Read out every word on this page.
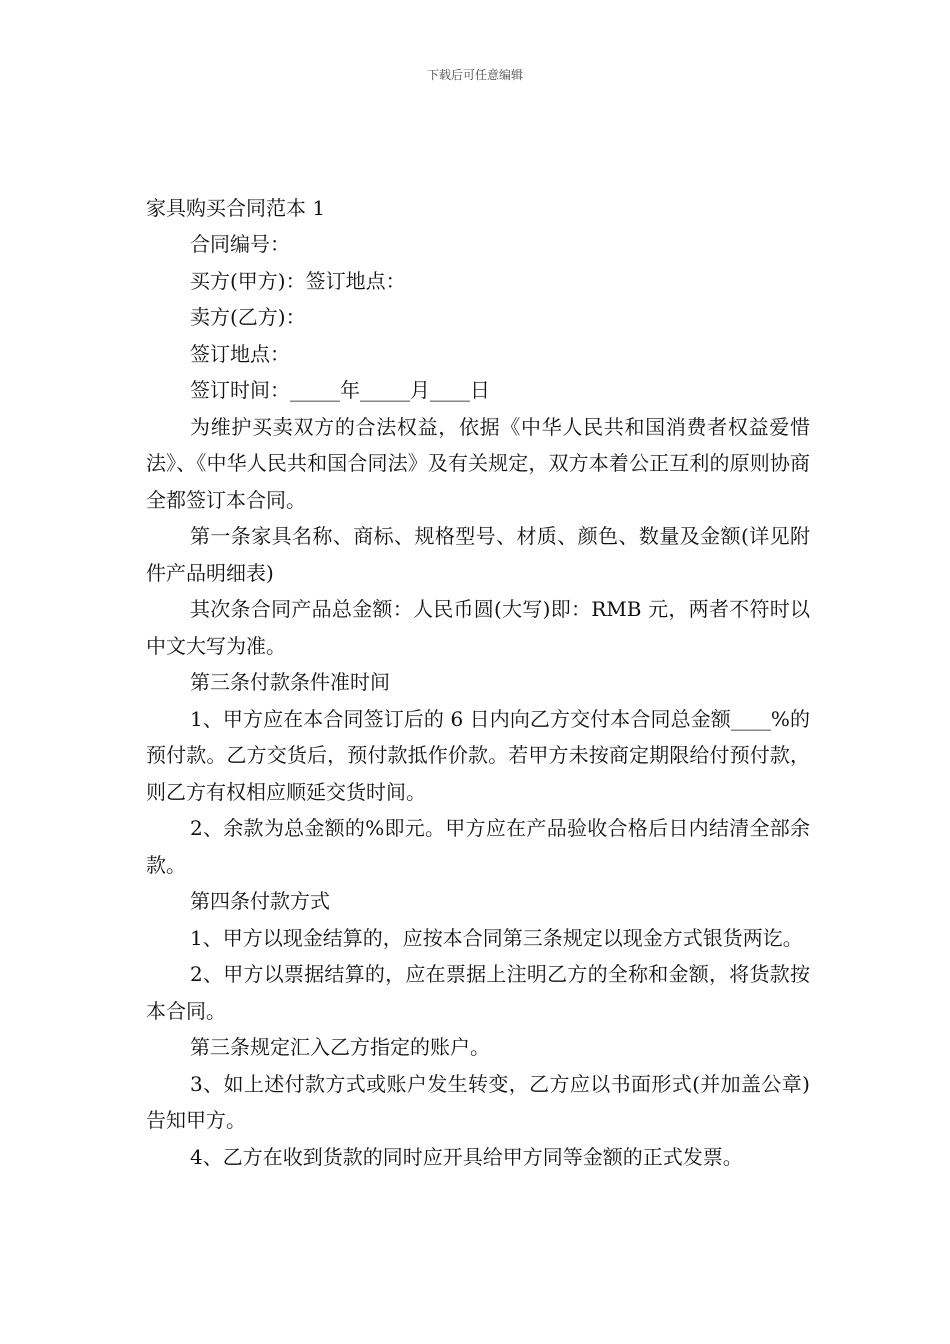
下载后可任意编辑
家具购买合同范本 1

合同编号：

买方(甲方)：签订地点：

卖方(乙方)：

签订地点：

签订时间：_____年_____月____日

为维护买卖双方的合法权益，依据《中华人民共和国消费者权益爱惜法》、《中华人民共和国合同法》及有关规定，双方本着公正互利的原则协商全都签订本合同。

第一条家具名称、商标、规格型号、材质、颜色、数量及金额(详见附件产品明细表)

其次条合同产品总金额：人民币圆(大写)即：RMB 元，两者不符时以中文大写为准。

第三条付款条件准时间

1、甲方应在本合同签订后的 6 日内向乙方交付本合同总金额____%的预付款。乙方交货后，预付款抵作价款。若甲方未按商定期限给付预付款，则乙方有权相应顺延交货时间。

2、余款为总金额的%即元。甲方应在产品验收合格后日内结清全部余款。

第四条付款方式

1、甲方以现金结算的，应按本合同第三条规定以现金方式银货两讫。

2、甲方以票据结算的，应在票据上注明乙方的全称和金额，将货款按本合同。

第三条规定汇入乙方指定的账户。

3、如上述付款方式或账户发生转变，乙方应以书面形式(并加盖公章)告知甲方。

4、乙方在收到货款的同时应开具给甲方同等金额的正式发票。
